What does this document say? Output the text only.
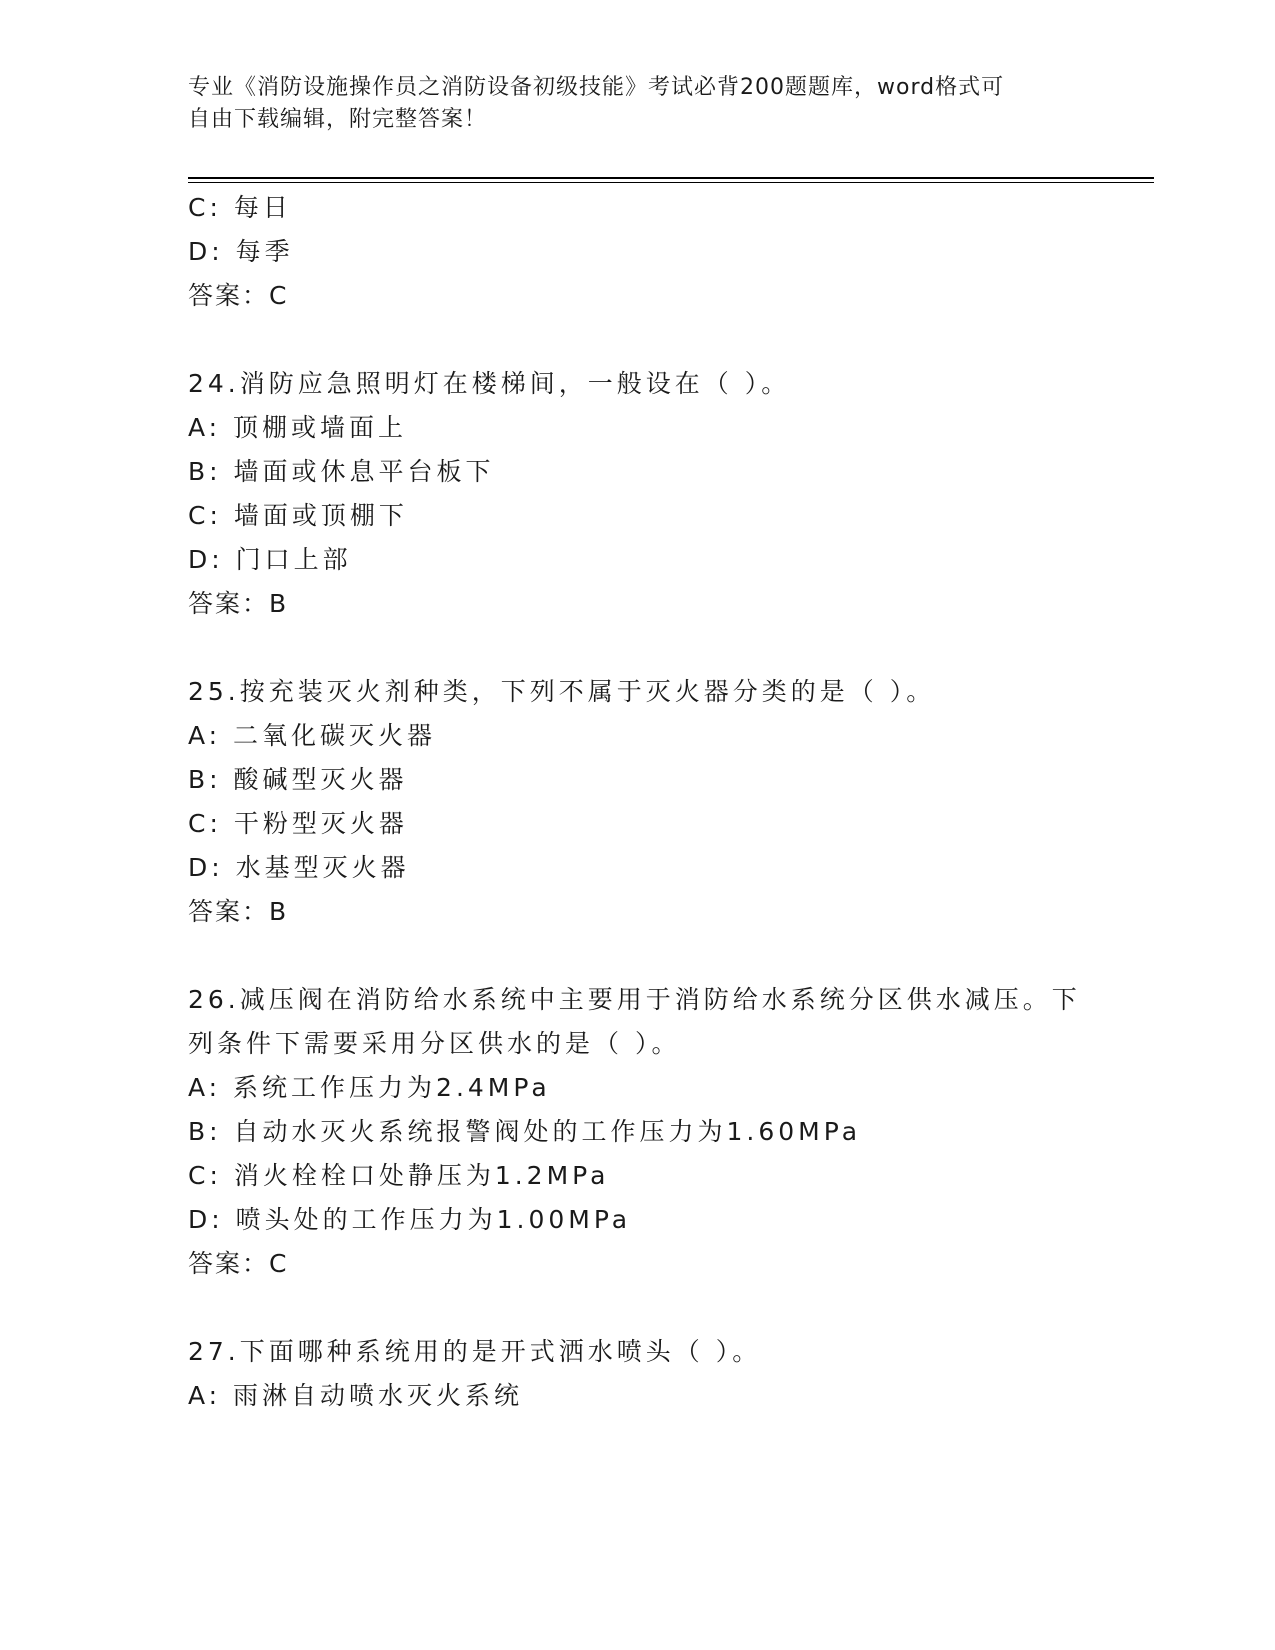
专业《消防设施操作员之消防设备初级技能》考试必背200题题库，word格式可
自由下载编辑，附完整答案！
C: 每日
D: 每季
答案：C
24.消防应急照明灯在楼梯间，一般设在（ ）。
A: 顶棚或墙面上
B: 墙面或休息平台板下
C: 墙面或顶棚下
D: 门口上部
答案：B
25.按充装灭火剂种类，下列不属于灭火器分类的是（ ）。
A: 二氧化碳灭火器
B: 酸碱型灭火器
C: 干粉型灭火器
D: 水基型灭火器
答案：B
26.减压阀在消防给水系统中主要用于消防给水系统分区供水减压。下
列条件下需要采用分区供水的是（ ）。
A: 系统工作压力为2.4MPa
B: 自动水灭火系统报警阀处的工作压力为1.60MPa
C: 消火栓栓口处静压为1.2MPa
D: 喷头处的工作压力为1.00MPa
答案：C
27.下面哪种系统用的是开式洒水喷头（ ）。
A: 雨淋自动喷水灭火系统
